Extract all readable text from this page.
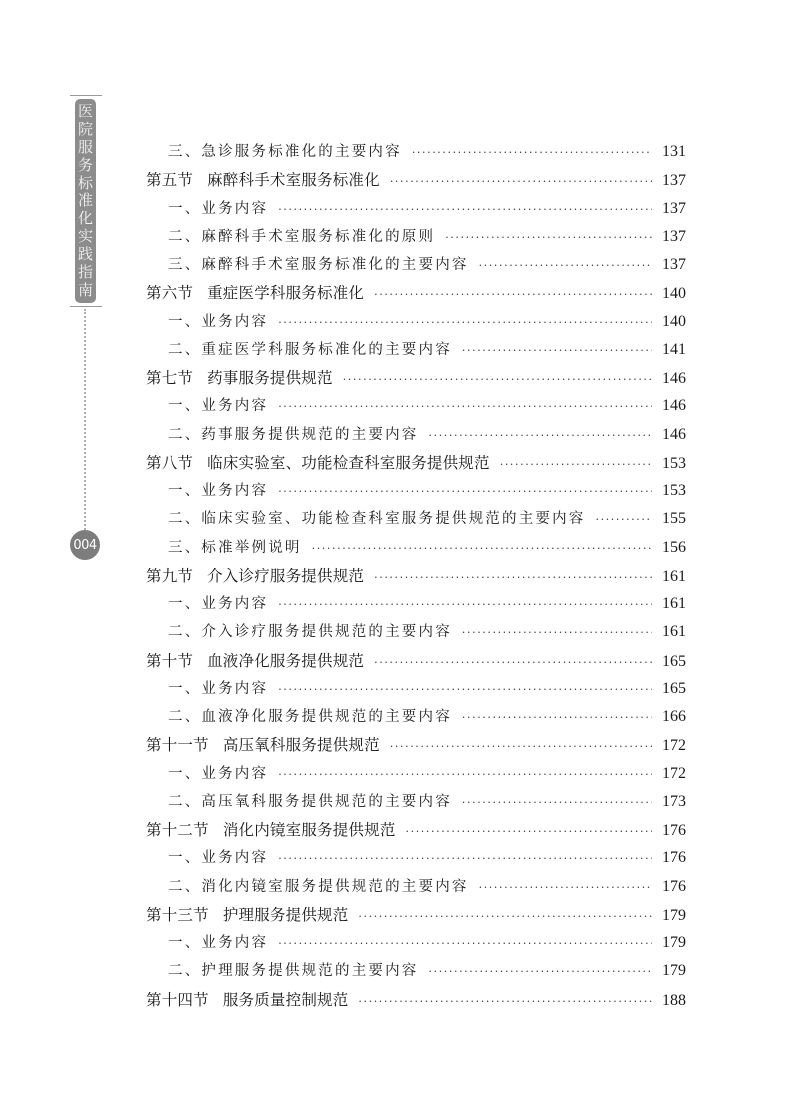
医
院
服
务
标
准
化
实
践
指
南
004
三、急诊服务标准化的主要内容 ·····	131
第五节 麻醉科手术室服务标准化 ·····	137
一、业务内容 ·····	137
二、麻醉科手术室服务标准化的原则 ·····	137
三、麻醉科手术室服务标准化的主要内容 ·····	137
第六节 重症医学科服务标准化 ·····	140
一、业务内容 ·····	140
二、重症医学科服务标准化的主要内容 ·····	141
第七节 药事服务提供规范 ·····	146
一、业务内容 ·····	146
二、药事服务提供规范的主要内容 ·····	146
第八节 临床实验室、功能检查科室服务提供规范 ·····	153
一、业务内容 ·····	153
二、临床实验室、功能检查科室服务提供规范的主要内容 ·····	155
三、标准举例说明 ·····	156
第九节 介入诊疗服务提供规范 ·····	161
一、业务内容 ·····	161
二、介入诊疗服务提供规范的主要内容 ·····	161
第十节 血液净化服务提供规范 ·····	165
一、业务内容 ·····	165
二、血液净化服务提供规范的主要内容 ·····	166
第十一节 高压氧科服务提供规范 ·····	172
一、业务内容 ·····	172
二、高压氧科服务提供规范的主要内容 ·····	173
第十二节 消化内镜室服务提供规范 ·····	176
一、业务内容 ·····	176
二、消化内镜室服务提供规范的主要内容 ·····	176
第十三节 护理服务提供规范 ·····	179
一、业务内容 ·····	179
二、护理服务提供规范的主要内容 ·····	179
第十四节 服务质量控制规范 ·····	188
